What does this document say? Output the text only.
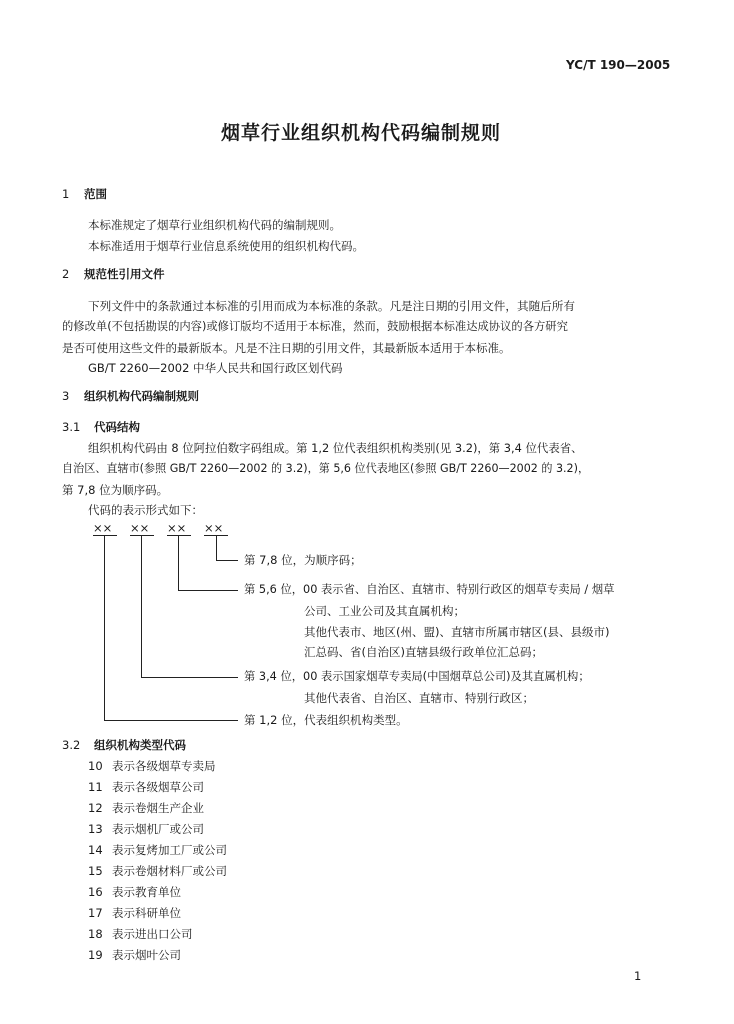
YC/T 190—2005
烟草行业组织机构代码编制规则
1 范围
本标准规定了烟草行业组织机构代码的编制规则。
本标准适用于烟草行业信息系统使用的组织机构代码。
2 规范性引用文件
下列文件中的条款通过本标准的引用而成为本标准的条款。凡是注日期的引用文件，其随后所有
的修改单(不包括勘误的内容)或修订版均不适用于本标准，然而，鼓励根据本标准达成协议的各方研究
是否可使用这些文件的最新版本。凡是不注日期的引用文件，其最新版本适用于本标准。
GB/T 2260—2002 中华人民共和国行政区划代码
3 组织机构代码编制规则
3.1 代码结构
组织机构代码由 8 位阿拉伯数字码组成。第 1,2 位代表组织机构类别(见 3.2)，第 3,4 位代表省、
自治区、直辖市(参照 GB/T 2260—2002 的 3.2)，第 5,6 位代表地区(参照 GB/T 2260—2002 的 3.2)，
第 7,8 位为顺序码。
代码的表示形式如下：
×× ×× ×× ××
第 7,8 位，为顺序码；
第 5,6 位，00 表示省、自治区、直辖市、特别行政区的烟草专卖局 / 烟草
公司、工业公司及其直属机构；
其他代表市、地区(州、盟)、直辖市所属市辖区(县、县级市)
汇总码、省(自治区)直辖县级行政单位汇总码；
第 3,4 位，00 表示国家烟草专卖局(中国烟草总公司)及其直属机构；
其他代表省、自治区、直辖市、特别行政区；
第 1,2 位，代表组织机构类型。
3.2 组织机构类型代码
10 表示各级烟草专卖局
11 表示各级烟草公司
12 表示卷烟生产企业
13 表示烟机厂或公司
14 表示复烤加工厂或公司
15 表示卷烟材料厂或公司
16 表示教育单位
17 表示科研单位
18 表示进出口公司
19 表示烟叶公司
1
